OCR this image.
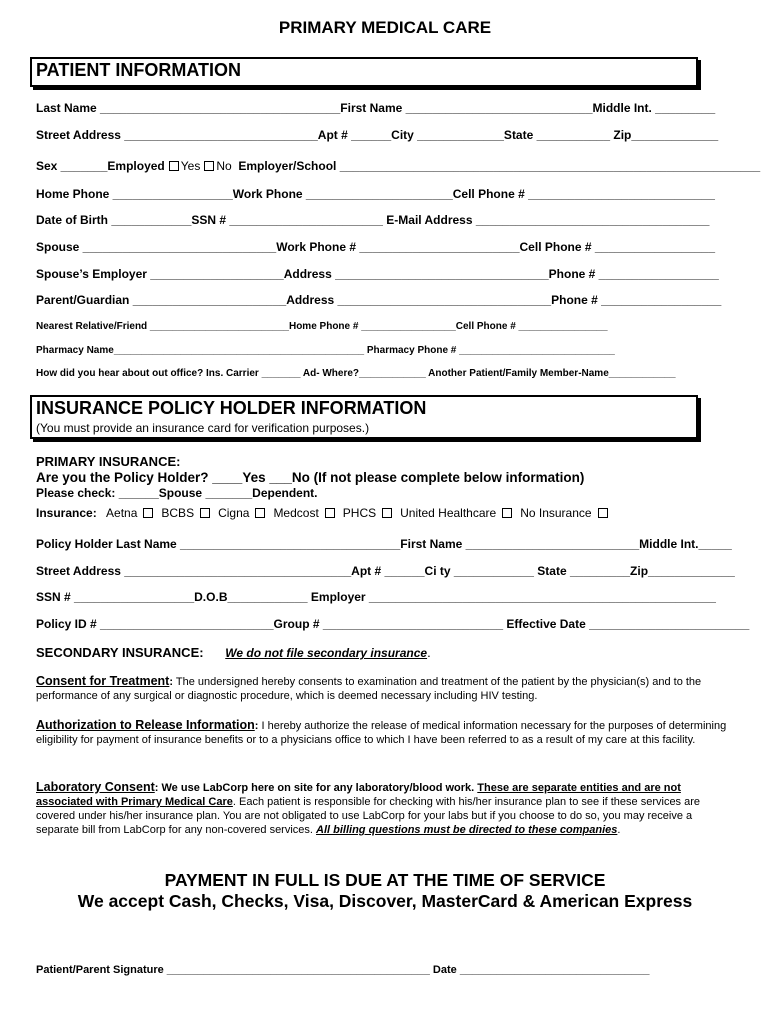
PRIMARY MEDICAL CARE
PATIENT INFORMATION
Last Name ____________________________________First Name ____________________________Middle Int. _________
Street Address _____________________________Apt # ______City _____________State ___________ Zip_____________
Sex _______Employed Yes No Employer/School _______________________________________________________________
Home Phone __________________Work Phone ______________________Cell Phone # ____________________________
Date of Birth ____________SSN # _______________________ E-Mail Address ___________________________________
Spouse _____________________________Work Phone # ________________________Cell Phone # __________________
Spouse’s Employer ____________________Address ________________________________Phone # __________________
Parent/Guardian _______________________Address ________________________________Phone # __________________
Nearest Relative/Friend _________________________Home Phone # _________________Cell Phone # ________________
Pharmacy Name_____________________________________________ Pharmacy Phone # ____________________________
How did you hear about out office? Ins. Carrier _______ Ad- Where?____________ Another Patient/Family Member-Name____________
INSURANCE POLICY HOLDER INFORMATION
(You must provide an insurance card for verification purposes.)
PRIMARY INSURANCE:
Are you the Policy Holder? ____Yes ___No (If not please complete below information)
Please check: ______Spouse _______Dependent.
Insurance: Aetna BCBS Cigna Medcost PHCS United Healthcare No Insurance
Policy Holder Last Name _________________________________First Name __________________________Middle Int._____
Street Address __________________________________Apt # ______Ci ty ____________ State _________Zip_____________
SSN # __________________D.O.B____________ Employer ____________________________________________________
Policy ID # __________________________Group # ___________________________ Effective Date ________________________
SECONDARY INSURANCE: We do not file secondary insurance.
Consent for Treatment: The undersigned hereby consents to examination and treatment of the patient by the physician(s) and to the performance of any surgical or diagnostic procedure, which is deemed necessary including HIV testing.
Authorization to Release Information: I hereby authorize the release of medical information necessary for the purposes of determining eligibility for payment of insurance benefits or to a physicians office to which I have been referred to as a result of my care at this facility.
Laboratory Consent: We use LabCorp here on site for any laboratory/blood work. These are separate entities and are not associated with Primary Medical Care. Each patient is responsible for checking with his/her insurance plan to see if these services are covered under his/her insurance plan. You are not obligated to use LabCorp for your labs but if you choose to do so, you may receive a separate bill from LabCorp for any non-covered services. All billing questions must be directed to these companies.
PAYMENT IN FULL IS DUE AT THE TIME OF SERVICE
We accept Cash, Checks, Visa, Discover, MasterCard & American Express
Patient/Parent Signature ___________________________________________ Date _______________________________
